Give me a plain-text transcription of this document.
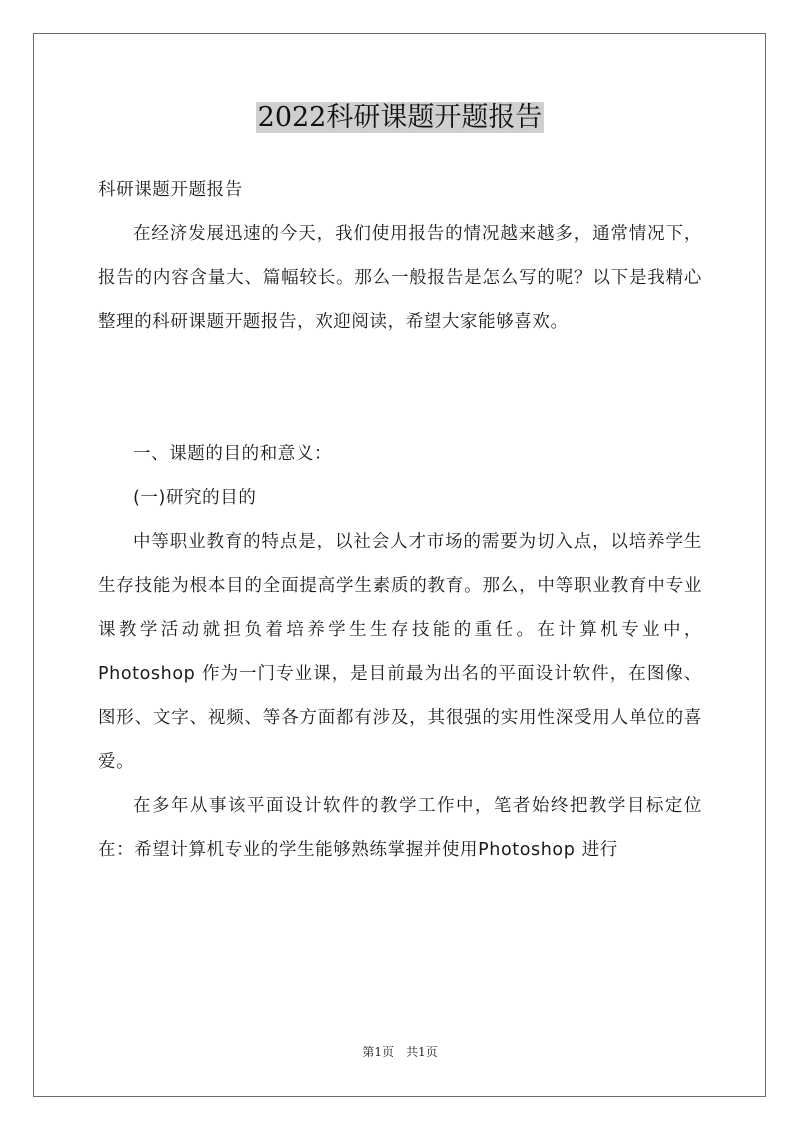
2022科研课题开题报告

科研课题开题报告

在经济发展迅速的今天，我们使用报告的情况越来越多，通常情况下，报告的内容含量大、篇幅较长。那么一般报告是怎么写的呢？以下是我精心整理的科研课题开题报告，欢迎阅读，希望大家能够喜欢。

一、课题的目的和意义：

(一)研究的目的

中等职业教育的特点是，以社会人才市场的需要为切入点，以培养学生生存技能为根本目的全面提高学生素质的教育。那么，中等职业教育中专业课教学活动就担负着培养学生生存技能的重任。在计算机专业中，Photoshop 作为一门专业课，是目前最为出名的平面设计软件，在图像、图形、文字、视频、等各方面都有涉及，其很强的实用性深受用人单位的喜爱。

在多年从事该平面设计软件的教学工作中，笔者始终把教学目标定位在：希望计算机专业的学生能够熟练掌握并使用Photoshop 进行

第1页　共1页
